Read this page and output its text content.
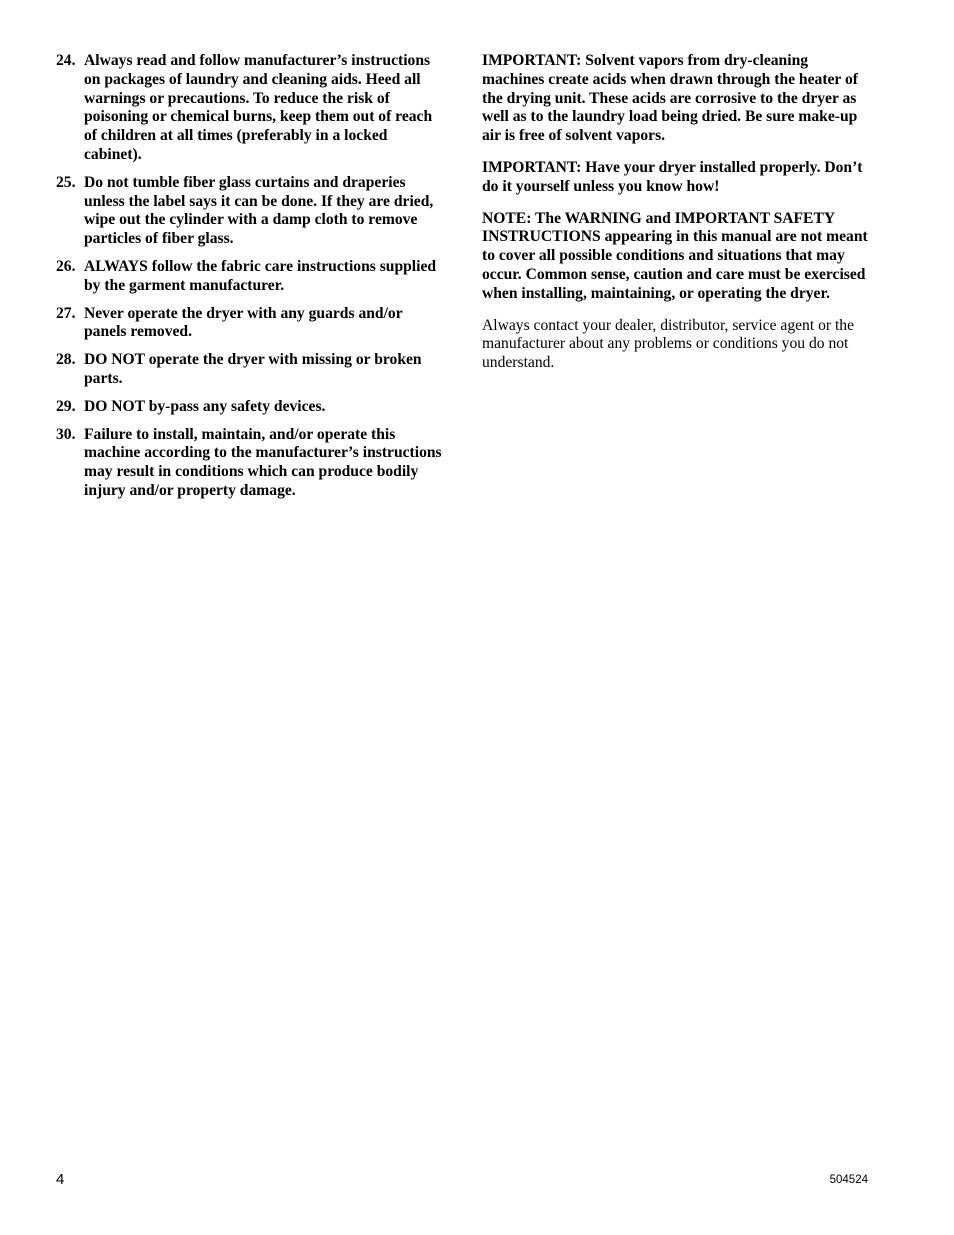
24. Always read and follow manufacturer’s instructions on packages of laundry and cleaning aids. Heed all warnings or precautions. To reduce the risk of poisoning or chemical burns, keep them out of reach of children at all times (preferably in a locked cabinet).
25. Do not tumble fiber glass curtains and draperies unless the label says it can be done. If they are dried, wipe out the cylinder with a damp cloth to remove particles of fiber glass.
26. ALWAYS follow the fabric care instructions supplied by the garment manufacturer.
27. Never operate the dryer with any guards and/or panels removed.
28. DO NOT operate the dryer with missing or broken parts.
29. DO NOT by-pass any safety devices.
30. Failure to install, maintain, and/or operate this machine according to the manufacturer’s instructions may result in conditions which can produce bodily injury and/or property damage.

IMPORTANT: Solvent vapors from dry-cleaning machines create acids when drawn through the heater of the drying unit. These acids are corrosive to the dryer as well as to the laundry load being dried. Be sure make-up air is free of solvent vapors.

IMPORTANT: Have your dryer installed properly. Don’t do it yourself unless you know how!

NOTE: The WARNING and IMPORTANT SAFETY INSTRUCTIONS appearing in this manual are not meant to cover all possible conditions and situations that may occur. Common sense, caution and care must be exercised when installing, maintaining, or operating the dryer.

Always contact your dealer, distributor, service agent or the manufacturer about any problems or conditions you do not understand.

4	504524
